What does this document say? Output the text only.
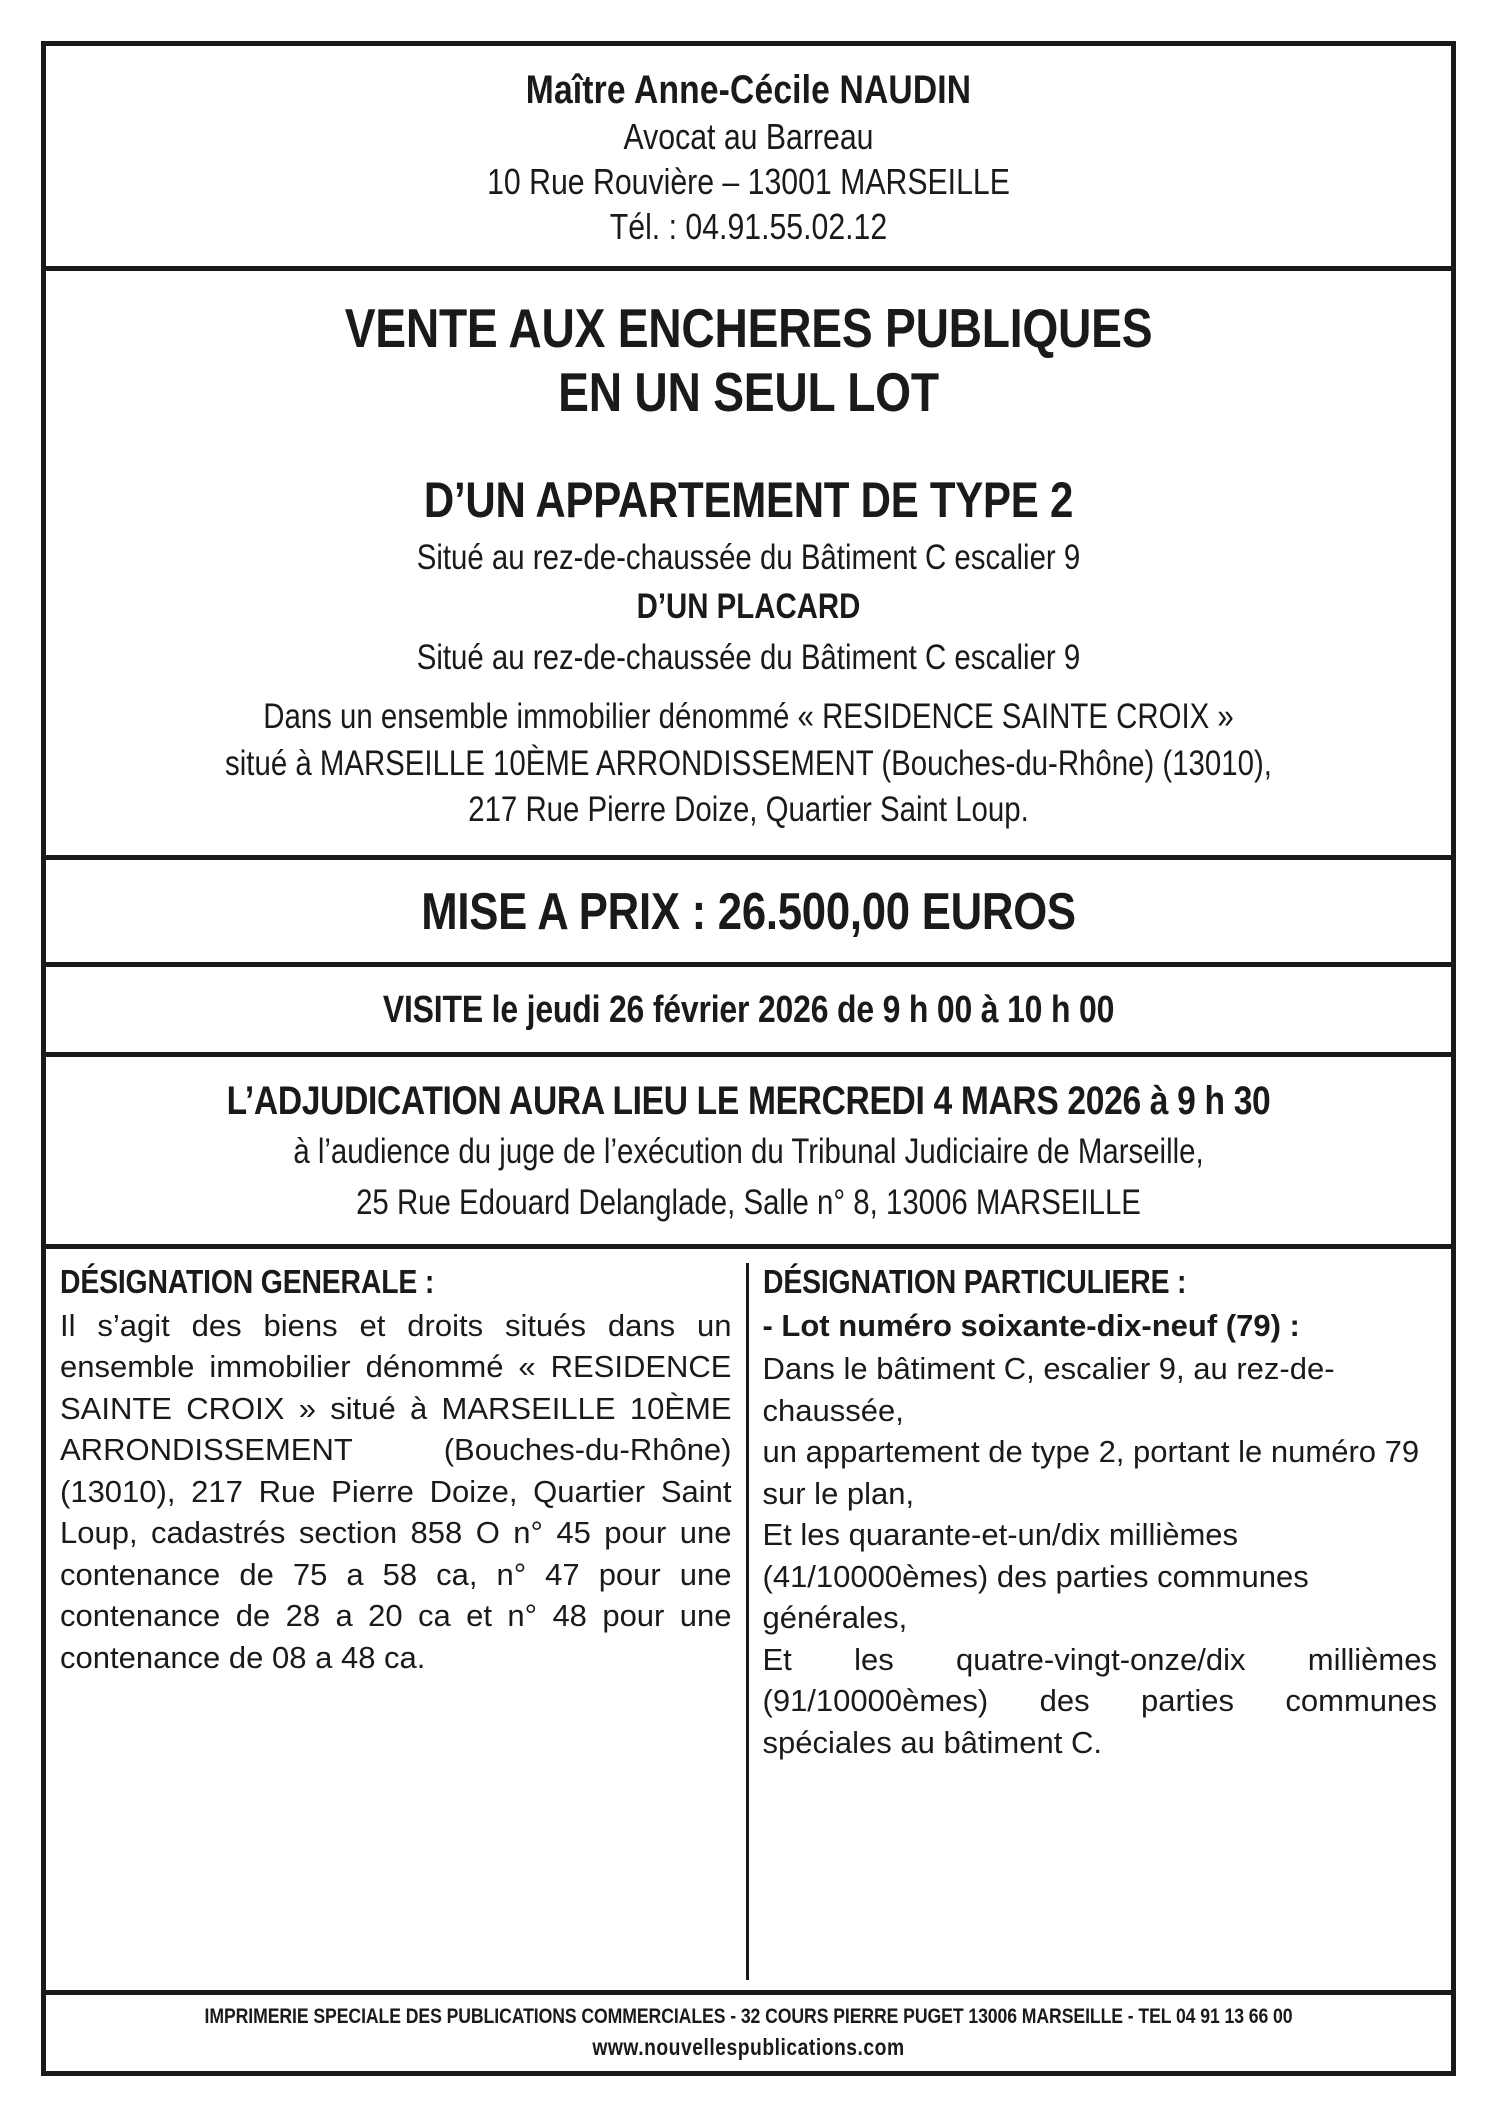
Maître Anne-Cécile NAUDIN
Avocat au Barreau
10 Rue Rouvière – 13001 MARSEILLE
Tél. : 04.91.55.02.12
VENTE AUX ENCHERES PUBLIQUES
EN UN SEUL LOT
D’UN APPARTEMENT DE TYPE 2
Situé au rez-de-chaussée du Bâtiment C escalier 9
D’UN PLACARD
Situé au rez-de-chaussée du Bâtiment C escalier 9
Dans un ensemble immobilier dénommé « RESIDENCE SAINTE CROIX »
situé à MARSEILLE 10ÈME ARRONDISSEMENT (Bouches-du-Rhône) (13010),
217 Rue Pierre Doize, Quartier Saint Loup.
MISE A PRIX : 26.500,00 EUROS
VISITE le jeudi 26 février 2026 de 9 h 00 à 10 h 00
L’ADJUDICATION AURA LIEU LE MERCREDI 4 MARS 2026 à 9 h 30
à l’audience du juge de l’exécution du Tribunal Judiciaire de Marseille,
25 Rue Edouard Delanglade, Salle n° 8, 13006 MARSEILLE
DÉSIGNATION GENERALE :

Il s’agit des biens et droits situés dans un ensemble immobilier dénommé « RESIDENCE SAINTE CROIX » situé à MARSEILLE 10ÈME ARRONDISSEMENT (Bouches-du-Rhône) (13010), 217 Rue Pierre Doize, Quartier Saint Loup, cadastrés section 858 O n° 45 pour une contenance de 75 a 58 ca, n° 47 pour une contenance de 28 a 20 ca et n° 48 pour une contenance de 08 a 48 ca.

DÉSIGNATION PARTICULIERE :

- Lot numéro soixante-dix-neuf (79) :

Dans le bâtiment C, escalier 9, au rez-de-chaussée,

un appartement de type 2, portant le numéro 79 sur le plan,

Et les quarante-et-un/dix millièmes (41/10000èmes) des parties communes générales,

Et les quatre-vingt-onze/dix millièmes (91/10000èmes) des parties communes spéciales au bâtiment C.

IMPRIMERIE SPECIALE DES PUBLICATIONS COMMERCIALES - 32 COURS PIERRE PUGET 13006 MARSEILLE - TEL 04 91 13 66 00
www.nouvellespublications.com
